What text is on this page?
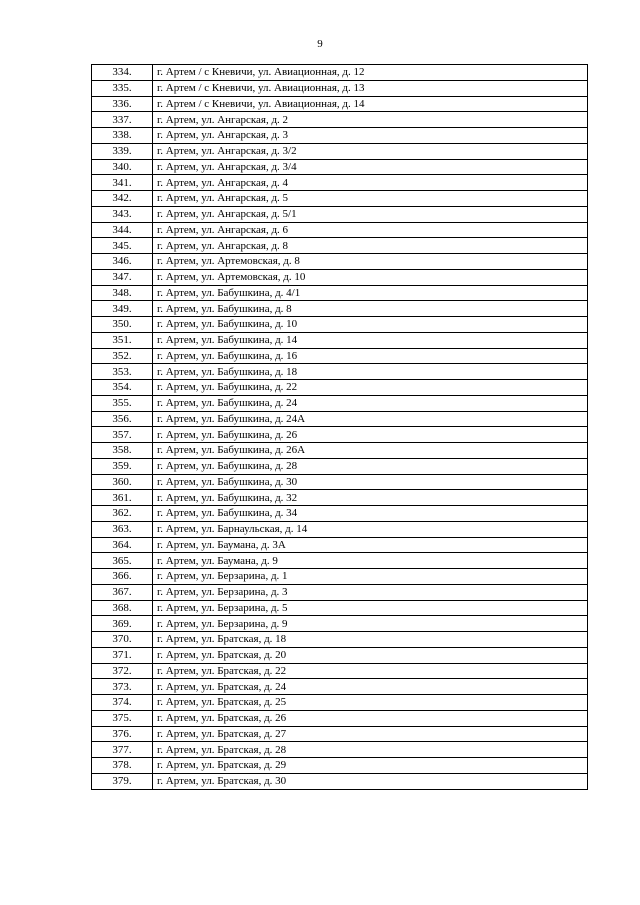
9
334.	г. Артем / с Кневичи, ул. Авиационная, д. 12
335.	г. Артем / с Кневичи, ул. Авиационная, д. 13
336.	г. Артем / с Кневичи, ул. Авиационная, д. 14
337.	г. Артем, ул. Ангарская, д. 2
338.	г. Артем, ул. Ангарская, д. 3
339.	г. Артем, ул. Ангарская, д. 3/2
340.	г. Артем, ул. Ангарская, д. 3/4
341.	г. Артем, ул. Ангарская, д. 4
342.	г. Артем, ул. Ангарская, д. 5
343.	г. Артем, ул. Ангарская, д. 5/1
344.	г. Артем, ул. Ангарская, д. 6
345.	г. Артем, ул. Ангарская, д. 8
346.	г. Артем, ул. Артемовская, д. 8
347.	г. Артем, ул. Артемовская, д. 10
348.	г. Артем, ул. Бабушкина, д. 4/1
349.	г. Артем, ул. Бабушкина, д. 8
350.	г. Артем, ул. Бабушкина, д. 10
351.	г. Артем, ул. Бабушкина, д. 14
352.	г. Артем, ул. Бабушкина, д. 16
353.	г. Артем, ул. Бабушкина, д. 18
354.	г. Артем, ул. Бабушкина, д. 22
355.	г. Артем, ул. Бабушкина, д. 24
356.	г. Артем, ул. Бабушкина, д. 24А
357.	г. Артем, ул. Бабушкина, д. 26
358.	г. Артем, ул. Бабушкина, д. 26А
359.	г. Артем, ул. Бабушкина, д. 28
360.	г. Артем, ул. Бабушкина, д. 30
361.	г. Артем, ул. Бабушкина, д. 32
362.	г. Артем, ул. Бабушкина, д. 34
363.	г. Артем, ул. Барнаульская, д. 14
364.	г. Артем, ул. Баумана, д. 3А
365.	г. Артем, ул. Баумана, д. 9
366.	г. Артем, ул. Берзарина, д. 1
367.	г. Артем, ул. Берзарина, д. 3
368.	г. Артем, ул. Берзарина, д. 5
369.	г. Артем, ул. Берзарина, д. 9
370.	г. Артем, ул. Братская, д. 18
371.	г. Артем, ул. Братская, д. 20
372.	г. Артем, ул. Братская, д. 22
373.	г. Артем, ул. Братская, д. 24
374.	г. Артем, ул. Братская, д. 25
375.	г. Артем, ул. Братская, д. 26
376.	г. Артем, ул. Братская, д. 27
377.	г. Артем, ул. Братская, д. 28
378.	г. Артем, ул. Братская, д. 29
379.	г. Артем, ул. Братская, д. 30
